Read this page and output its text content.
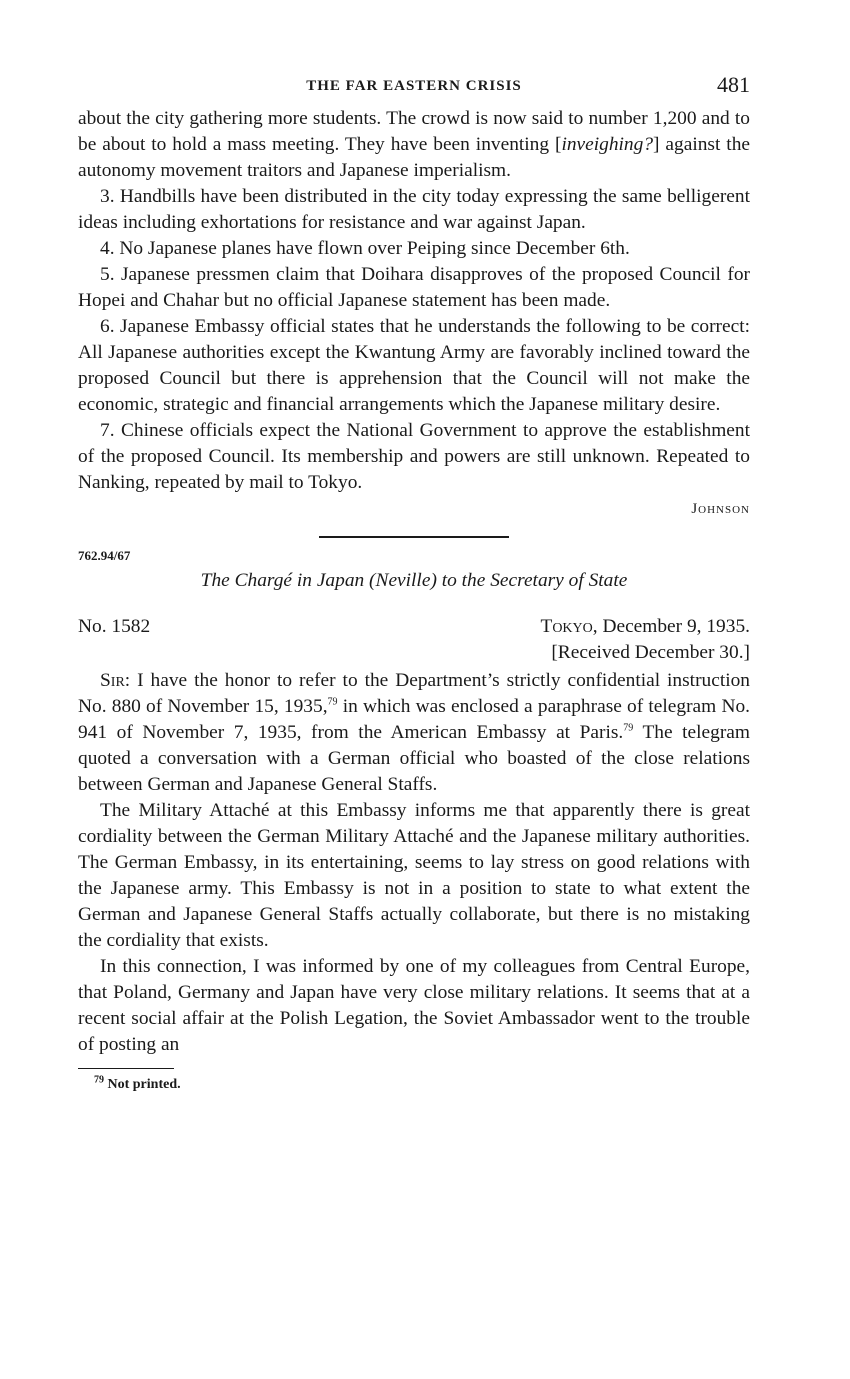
THE FAR EASTERN CRISIS	481

about the city gathering more students. The crowd is now said to number 1,200 and to be about to hold a mass meeting. They have been inventing [inveighing?] against the autonomy movement traitors and Japanese imperialism.

3. Handbills have been distributed in the city today expressing the same belligerent ideas including exhortations for resistance and war against Japan.

4. No Japanese planes have flown over Peiping since December 6th.

5. Japanese pressmen claim that Doihara disapproves of the proposed Council for Hopei and Chahar but no official Japanese statement has been made.

6. Japanese Embassy official states that he understands the following to be correct: All Japanese authorities except the Kwantung Army are favorably inclined toward the proposed Council but there is apprehension that the Council will not make the economic, strategic and financial arrangements which the Japanese military desire.

7. Chinese officials expect the National Government to approve the establishment of the proposed Council. Its membership and powers are still unknown. Repeated to Nanking, repeated by mail to Tokyo.

Johnson
762.94/67
The Chargé in Japan (Neville) to the Secretary of State
No. 1582	Tokyo, December 9, 1935.
[Received December 30.]

Sir: I have the honor to refer to the Department’s strictly confidential instruction No. 880 of November 15, 1935,79 in which was enclosed a paraphrase of telegram No. 941 of November 7, 1935, from the American Embassy at Paris.$^{79}$ The telegram quoted a conversation with a German official who boasted of the close relations between German and Japanese General Staffs.

The Military Attaché at this Embassy informs me that apparently there is great cordiality between the German Military Attaché and the Japanese military authorities. The German Embassy, in its entertaining, seems to lay stress on good relations with the Japanese army. This Embassy is not in a position to state to what extent the German and Japanese General Staffs actually collaborate, but there is no mistaking the cordiality that exists.

In this connection, I was informed by one of my colleagues from Central Europe, that Poland, Germany and Japan have very close military relations. It seems that at a recent social affair at the Polish Legation, the Soviet Ambassador went to the trouble of posting an

$^{79}$ Not printed.
